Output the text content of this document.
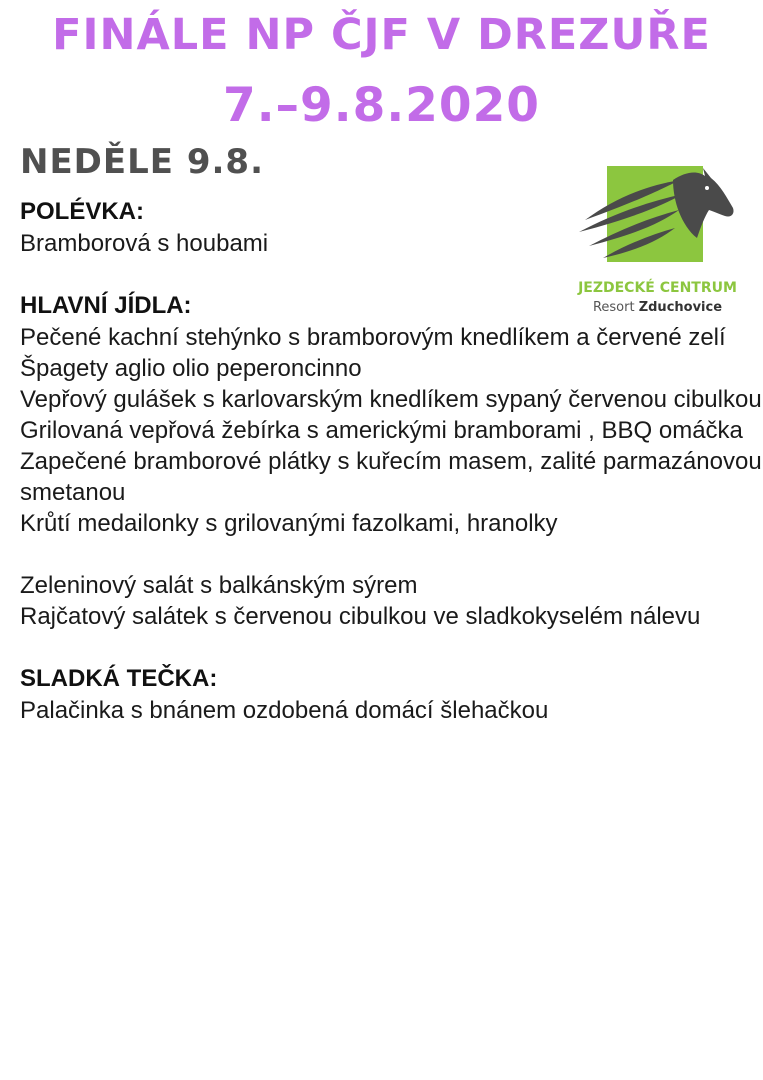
FINÁLE NP ČJF V DREZUŘE
7.–9.8.2020
NEDĚLE 9.8.
JEZDECKÉ CENTRUM
Resort Zduchovice
POLÉVKA:
Bramborová s houbami
HLAVNÍ JÍDLA:
Pečené kachní stehýnko s bramborovým knedlíkem a červené zelí
Špagety aglio olio peperoncinno
Vepřový gulášek s karlovarským knedlíkem sypaný červenou cibulkou
Grilovaná vepřová žebírka s americkými bramborami , BBQ omáčka
Zapečené bramborové plátky s kuřecím masem, zalité parmazánovou smetanou
Krůtí medailonky s grilovanými fazolkami, hranolky
Zeleninový salát s balkánským sýrem
Rajčatový salátek s červenou cibulkou ve sladkokyselém nálevu
SLADKÁ TEČKA:
Palačinka s bnánem ozdobená domácí šlehačkou
